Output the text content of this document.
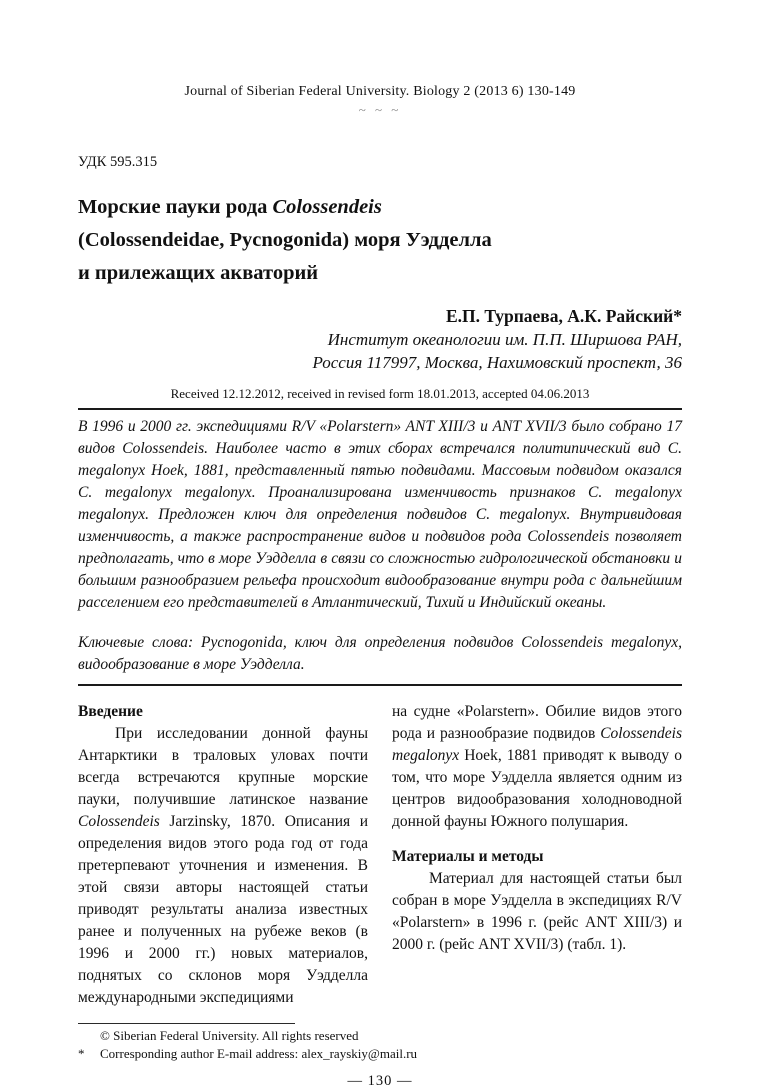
Journal of Siberian Federal University. Biology 2 (2013 6) 130-149
~ ~ ~
УДК 595.315
Морские пауки рода Colossendeis
(Colossendeidae, Pycnogonida) моря Уэдделла
и прилежащих акваторий
Е.П. Турпаева, А.К. Райский*
Институт океанологии им. П.П. Ширшова РАН,
Россия 117997, Москва, Нахимовский проспект, 36
Received 12.12.2012, received in revised form 18.01.2013, accepted 04.06.2013
В 1996 и 2000 гг. экспедициями R/V «Polarstern» ANT XIII/3 и ANT XVII/3 было собрано 17 видов Colossendeis. Наиболее часто в этих сборах встречался политипический вид C. megalonyx Hoek, 1881, представленный пятью подвидами. Массовым подвидом оказался C. megalonyx megalonyx. Проанализирована изменчивость признаков C. megalonyx megalonyx. Предложен ключ для определения подвидов C. megalonyx. Внутривидовая изменчивость, а также распространение видов и подвидов рода Colossendeis позволяет предполагать, что в море Уэдделла в связи со сложностью гидрологической обстановки и большим разнообразием рельефа происходит видообразование внутри рода с дальнейшим расселением его представителей в Атлантический, Тихий и Индийский океаны.
Ключевые слова: Pycnogonida, ключ для определения подвидов Colossendeis megalonyx, видообразование в море Уэдделла.
Введение

При исследовании донной фауны Антарктики в траловых уловах почти всегда встречаются крупные морские пауки, получившие латинское название Colossendeis Jarzinsky, 1870. Описания и определения видов этого рода год от года претерпевают уточнения и изменения. В этой связи авторы настоящей статьи приводят результаты анализа известных ранее и полученных на рубеже веков (в 1996 и 2000 гг.) новых материалов, поднятых со склонов моря Уэдделла международными экспедициями

на судне «Polarstern». Обилие видов этого рода и разнообразие подвидов Colossendeis megalonyx Hoek, 1881 приводят к выводу о том, что море Уэдделла является одним из центров видообразования холодноводной донной фауны Южного полушария.

Материалы и методы

Материал для настоящей статьи был собран в море Уэдделла в экспедициях R/V «Polarstern» в 1996 г. (рейс ANT XIII/3) и 2000 г. (рейс ANT XVII/3) (табл. 1).

© Siberian Federal University. All rights reserved
*	Corresponding author E-mail address: alex_rayskiy@mail.ru
— 130 —
